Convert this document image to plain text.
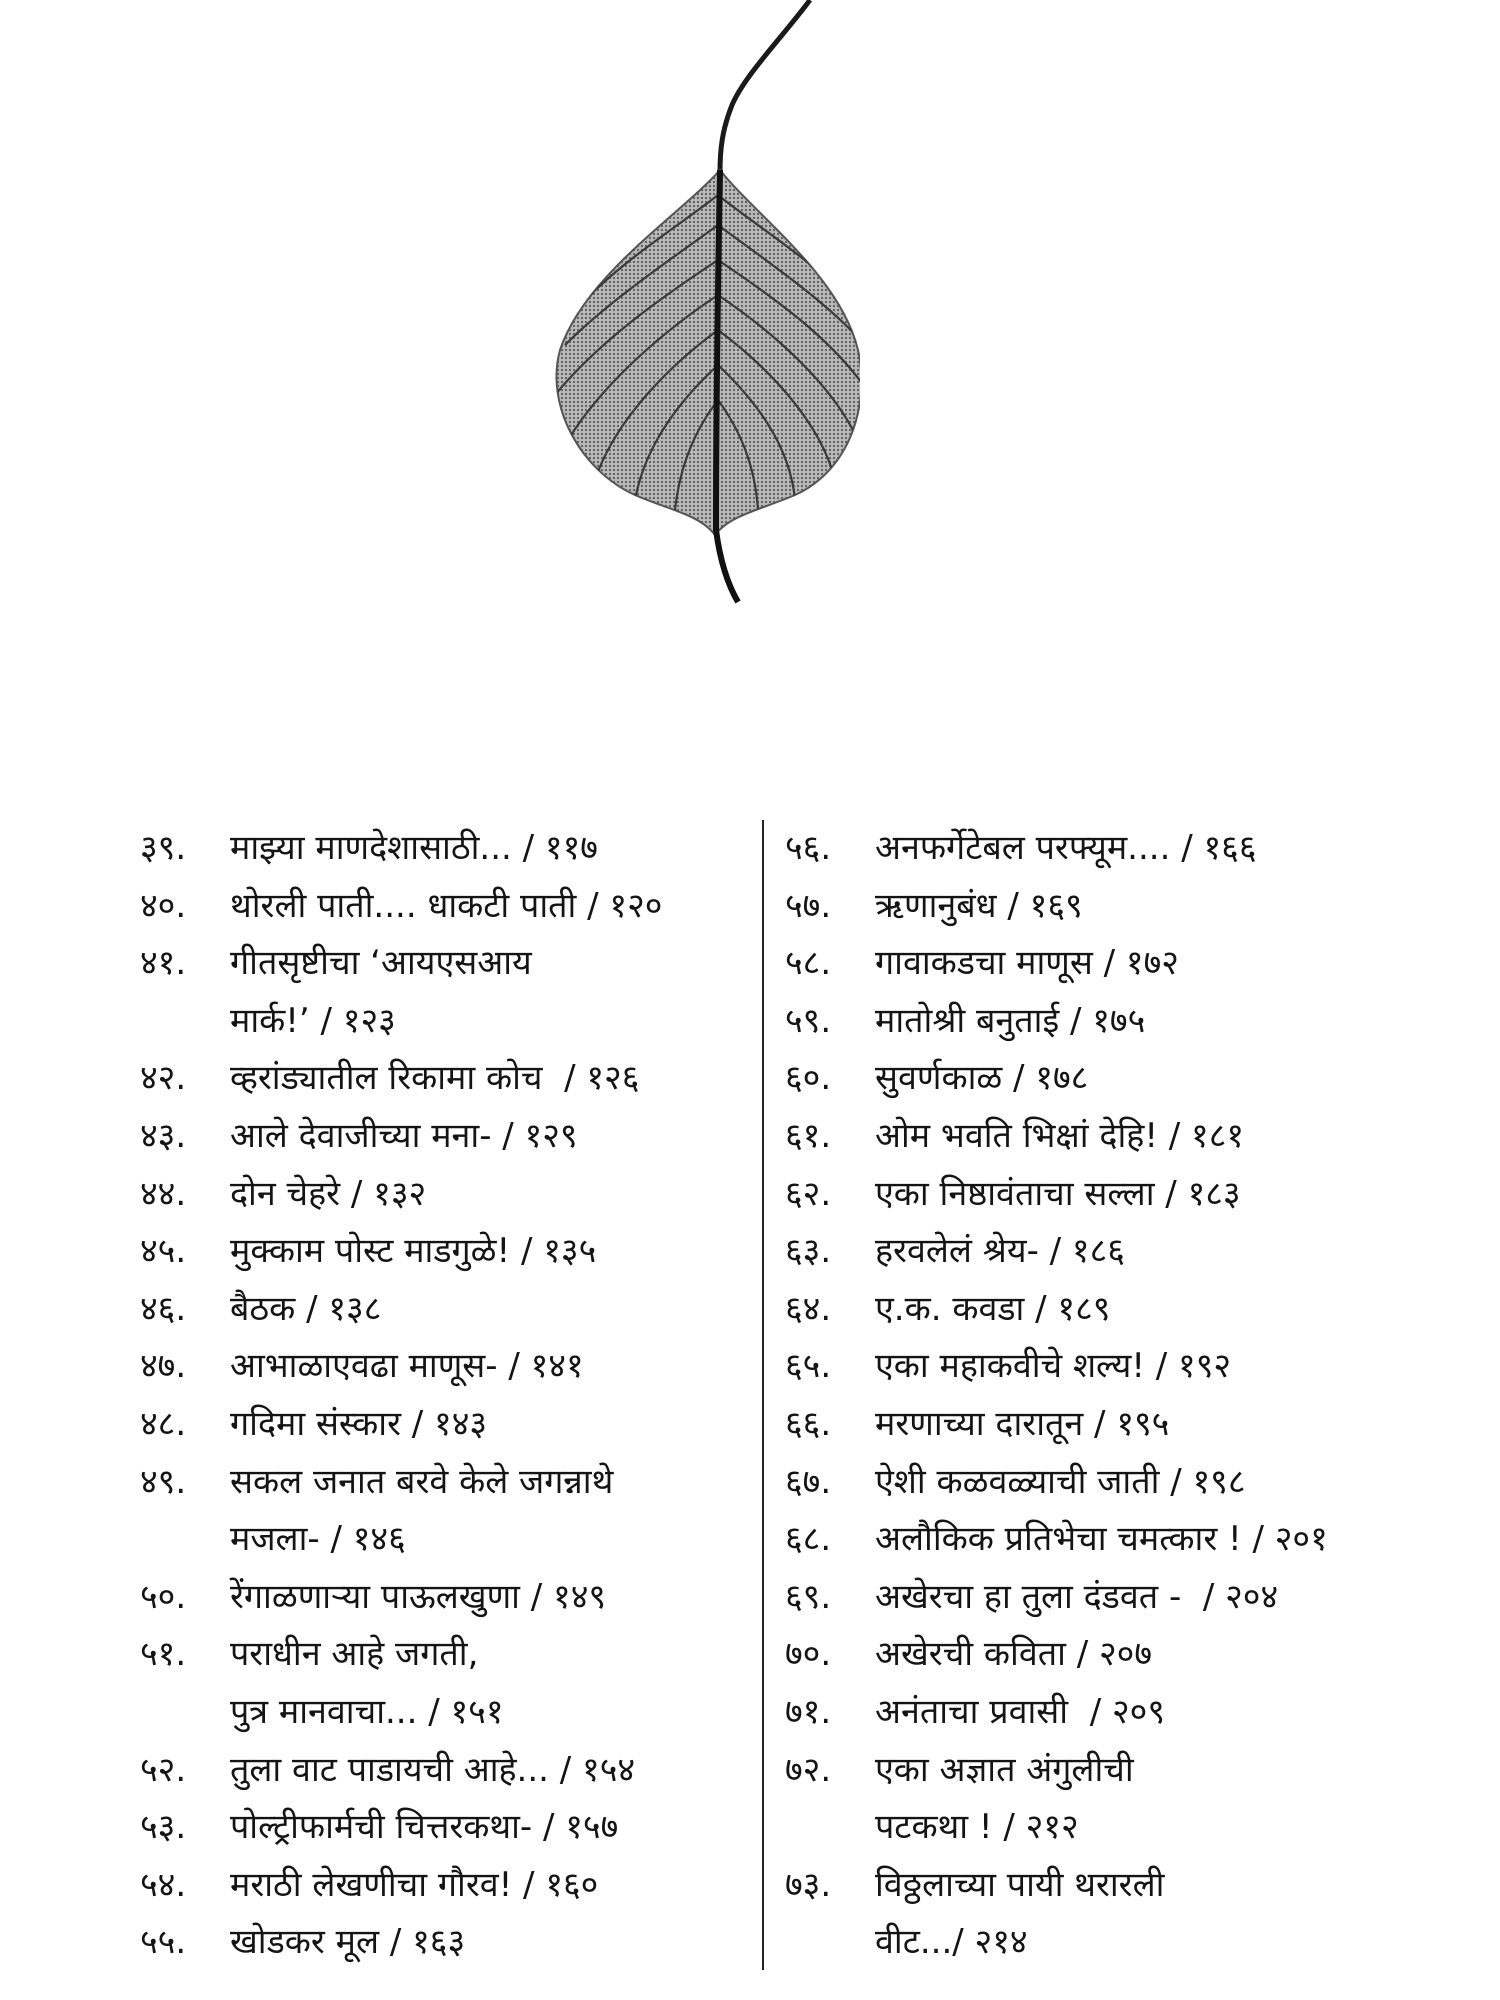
३९.	माझ्या माणदेशासाठी... / ११७
४०.	थोरली पाती.... धाकटी पाती / १२०
४१.	गीतसृष्टीचा ‘आयएसआय
मार्क!’ / १२३
४२.	व्हरांड्यातील रिकामा कोच  / १२६
४३.	आले देवाजीच्या मना- / १२९
४४.	दोन चेहरे / १३२
४५.	मुक्काम पोस्ट माडगुळे! / १३५
४६.	बैठक / १३८
४७.	आभाळाएवढा माणूस- / १४१
४८.	गदिमा संस्कार / १४३
४९.	सकल जनात बरवे केले जगन्नाथे
मजला- / १४६
५०.	रेंगाळणाऱ्या पाऊलखुणा / १४९
५१.	पराधीन आहे जगती,
पुत्र मानवाचा... / १५१
५२.	तुला वाट पाडायची आहे... / १५४
५३.	पोल्ट्रीफार्मची चित्तरकथा- / १५७
५४.	मराठी लेखणीचा गौरव! / १६०
५५.	खोडकर मूल / १६३
५६.	अनफर्गेटेबल परफ्यूम.... / १६६
५७.	ऋणानुबंध / १६९
५८.	गावाकडचा माणूस / १७२
५९.	मातोश्री बनुताई / १७५
६०.	सुवर्णकाळ / १७८
६१.	ओम भवति भिक्षां देहि! / १८१
६२.	एका निष्ठावंताचा सल्ला / १८३
६३.	हरवलेलं श्रेय- / १८६
६४.	ए.क. कवडा / १८९
६५.	एका महाकवीचे शल्य! / १९२
६६.	मरणाच्या दारातून / १९५
६७.	ऐशी कळवळ्याची जाती / १९८
६८.	अलौकिक प्रतिभेचा चमत्कार ! / २०१
६९.	अखेरचा हा तुला दंडवत -  / २०४
७०.	अखेरची कविता / २०७
७१.	अनंताचा प्रवासी  / २०९
७२.	एका अज्ञात अंगुलीची
पटकथा ! / २१२
७३.	विठ्ठलाच्या पायी थरारली
वीट.../ २१४
